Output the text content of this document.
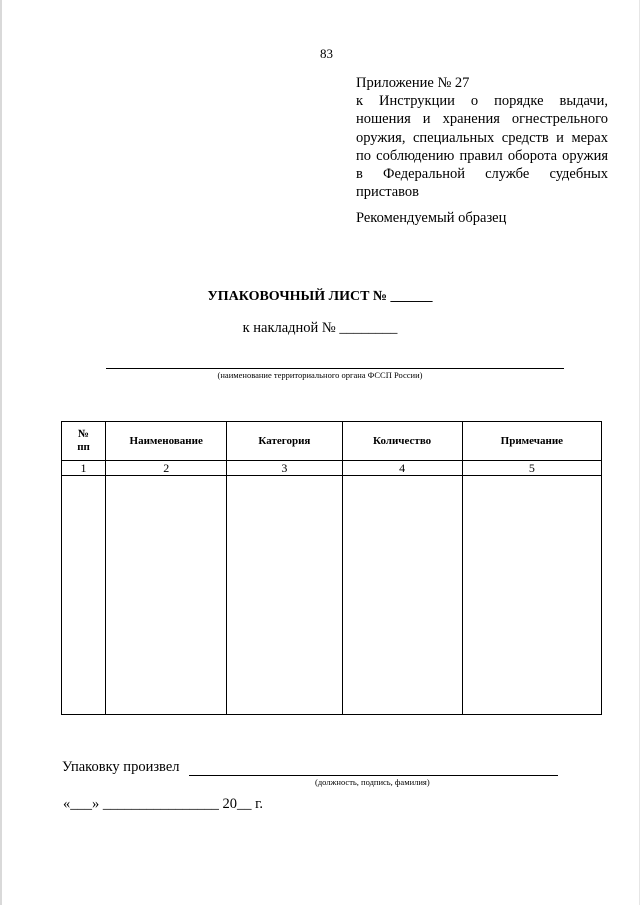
83
Приложение № 27
к Инструкции о порядке выдачи, ношения и хранения огнестрельного оружия, специальных средств и мерах по соблюдению правил оборота оружия в Федеральной службе судебных приставов
Рекомендуемый образец
УПАКОВОЧНЫЙ ЛИСТ № ______
к накладной № ________
(наименование территориального органа ФССП России)
№ пп	Наименование	Категория	Количество	Примечание
1	2	3	4	5

Упаковку произвел
(должность, подпись, фамилия)
«___» ________________ 20__ г.
